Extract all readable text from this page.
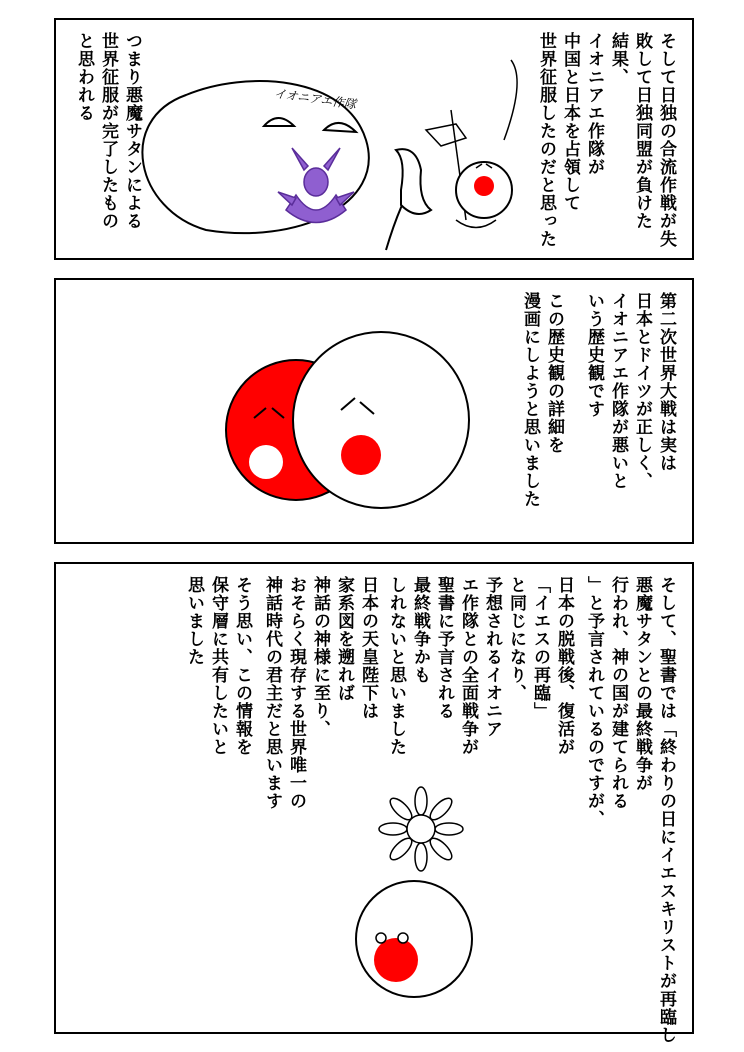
イオニアエ作隊	そして日独の合流作戦が失
敗して日独同盟が負けた
結果、
イオニアエ作隊が
中国と日本を占領して
世界征服したのだと思った
つまり悪魔サタンによる
世界征服が完了したもの
と思われる
第二次世界大戦は実は
日本とドイツが正しく、
イオニアエ作隊が悪いと
いう歴史観です
この歴史観の詳細を
漫画にしようと思いました
そして、聖書では「終わりの日にイエスキリストが再臨し
悪魔サタンとの最終戦争が
行われ、神の国が建てられる
」と予言されているのですが、
日本の脱戦後、復活が
「イエスの再臨」
と同じになり、
予想されるイオニア
エ作隊との全面戦争が
聖書に予言される
最終戦争かも
しれないと思いました
日本の天皇陛下は
家系図を遡れば
神話の神様に至り、
おそらく現存する世界唯一の
神話時代の君主だと思います
そう思い、この情報を
保守層に共有したいと
思いました
